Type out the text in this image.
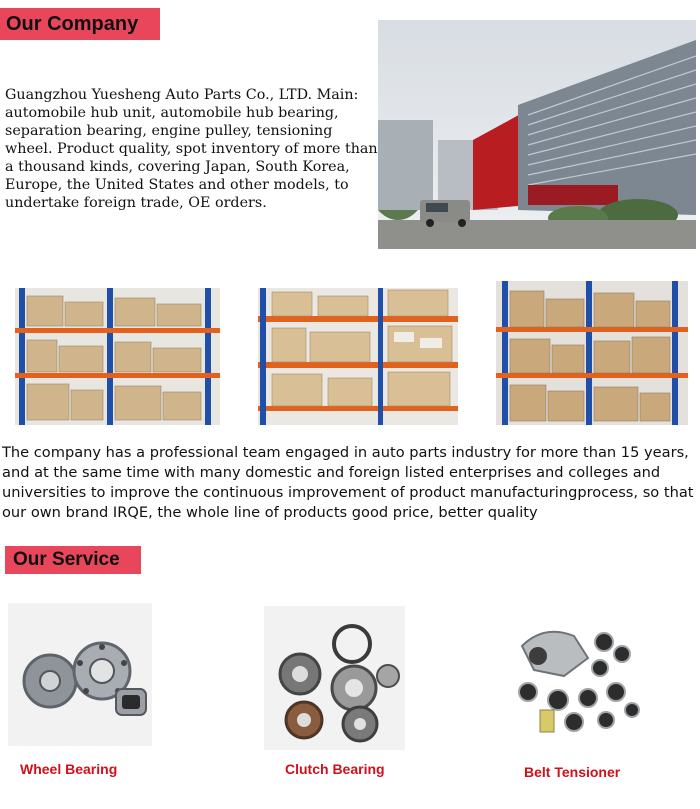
Our Company
Guangzhou Yuesheng Auto Parts Co., LTD. Main: automobile hub unit, automobile hub bearing, separation bearing, engine pulley, tensioning wheel. Product quality, spot inventory of more than a thousand kinds, covering Japan, South Korea, Europe, the United States and other models, to undertake foreign trade, OE orders.
The company has a professional team engaged in auto parts industry for more than 15 years, and at the same time with many domestic and foreign listed enterprises and colleges and universities to improve the continuous improvement of product manufacturingprocess, so that our own brand IRQE, the whole line of products good price, better quality
Our Service
Wheel Bearing	Clutch Bearing	Belt Tensioner
